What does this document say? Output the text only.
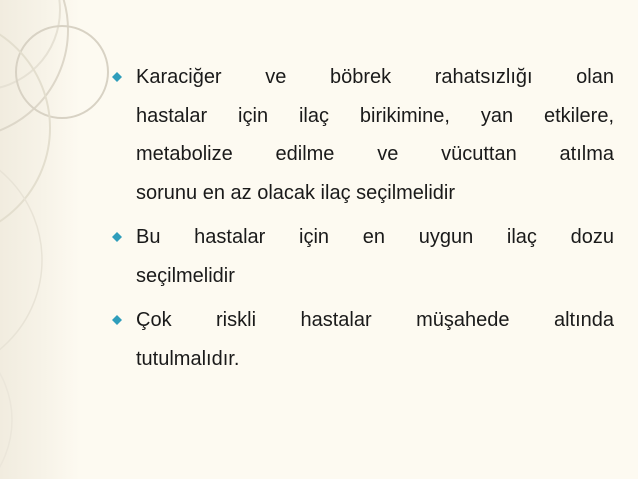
Karaciğer ve böbrek rahatsızlığı olan
hastalar için ilaç birikimine, yan etkilere,
metabolize edilme ve vücuttan atılma
sorunu en az olacak ilaç seçilmelidir
Bu hastalar için en uygun ilaç dozu
seçilmelidir
Çok riskli hastalar müşahede altında
tutulmalıdır.
